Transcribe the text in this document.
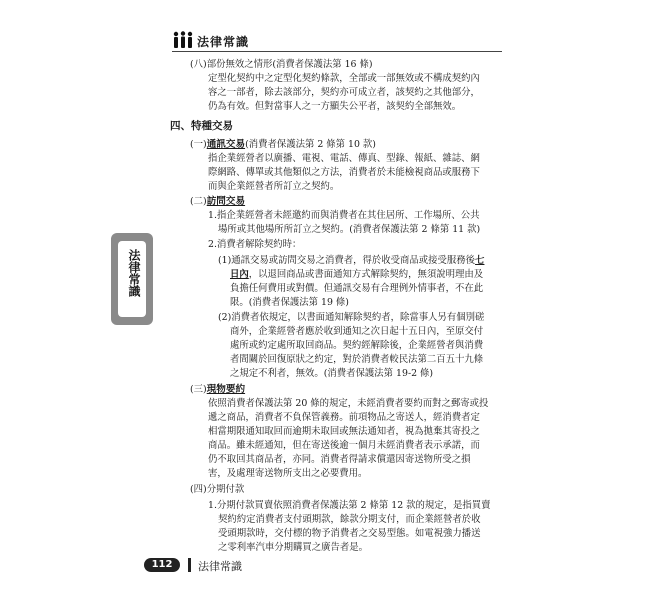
法律常識
法律常識
(八)部份無效之情形(消費者保護法第 16 條)
定型化契約中之定型化契約條款，全部或一部無效或不構成契約內
容之一部者，除去該部分，契約亦可成立者，該契約之其他部分，
仍為有效。但對當事人之一方顯失公平者，該契約全部無效。
四、特種交易
(一)通訊交易(消費者保護法第 2 條第 10 款)
指企業經營者以廣播、電視、電話、傳真、型錄、報紙、雜誌、網
際網路、傳單或其他類似之方法，消費者於未能檢視商品或服務下
而與企業經營者所訂立之契約。
(二)訪問交易
1.指企業經營者未經邀約而與消費者在其住居所、工作場所、公共
場所或其他場所所訂立之契約。(消費者保護法第 2 條第 11 款)
2.消費者解除契約時：
(1)通訊交易或訪問交易之消費者，得於收受商品或接受服務後七
日內，以退回商品或書面通知方式解除契約，無須說明理由及
負擔任何費用或對價。但通訊交易有合理例外情事者，不在此
限。(消費者保護法第 19 條)
(2)消費者依規定，以書面通知解除契約者，除當事人另有個別磋
商外，企業經營者應於收到通知之次日起十五日內，至原交付
處所或約定處所取回商品。契約經解除後，企業經營者與消費
者間關於回復原狀之約定，對於消費者較民法第二百五十九條
之規定不利者，無效。(消費者保護法第 19-2 條)
(三)現物要約
依照消費者保護法第 20 條的規定，未經消費者要約而對之郵寄或投
遞之商品，消費者不負保管義務。前項物品之寄送人，經消費者定
相當期限通知取回而逾期未取回或無法通知者，視為拋棄其寄投之
商品。雖未經通知，但在寄送後逾一個月未經消費者表示承諾，而
仍不取回其商品者，亦同。消費者得請求償還因寄送物所受之損
害，及處理寄送物所支出之必要費用。
(四)分期付款
1.分期付款買賣依照消費者保護法第 2 條第 12 款的規定，是指買賣
契約約定消費者支付頭期款，餘款分期支付，而企業經營者於收
受頭期款時，交付標的物予消費者之交易型態。如電視強力播送
之零利率汽車分期購買之廣告者是。
112	法律常識
